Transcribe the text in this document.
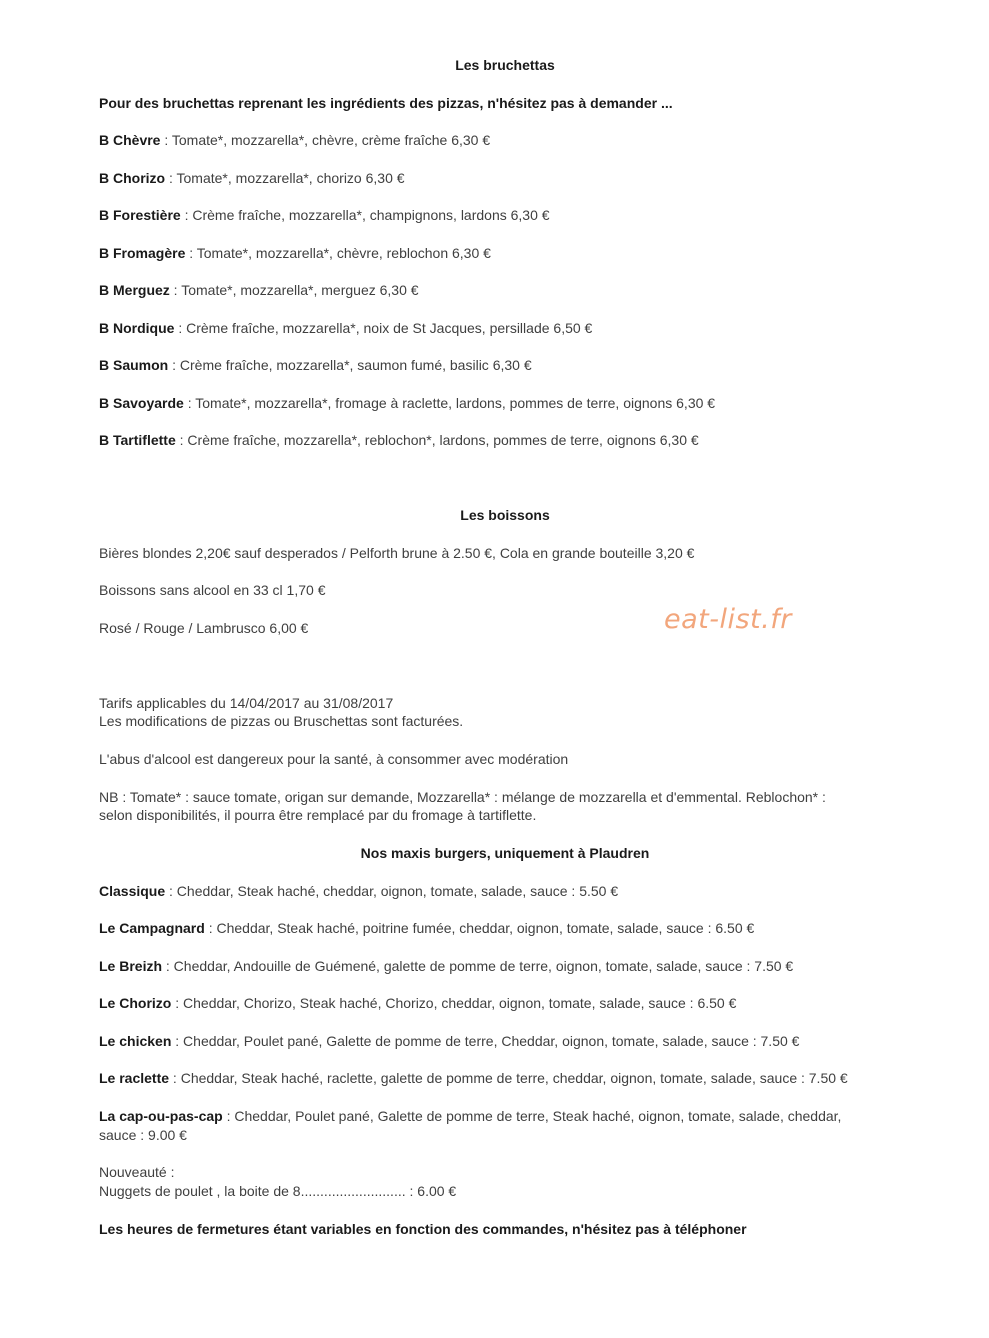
Les bruchettas
Pour des bruchettas reprenant les ingrédients des pizzas, n'hésitez pas à demander ...
B Chèvre : Tomate*, mozzarella*, chèvre, crème fraîche 6,30 €
B Chorizo : Tomate*, mozzarella*, chorizo 6,30 €
B Forestière : Crème fraîche, mozzarella*, champignons, lardons 6,30 €
B Fromagère : Tomate*, mozzarella*, chèvre, reblochon 6,30 €
B Merguez : Tomate*, mozzarella*, merguez 6,30 €
B Nordique : Crème fraîche, mozzarella*, noix de St Jacques, persillade 6,50 €
B Saumon : Crème fraîche, mozzarella*, saumon fumé, basilic 6,30 €
B Savoyarde : Tomate*, mozzarella*, fromage à raclette, lardons, pommes de terre, oignons 6,30 €
B Tartiflette : Crème fraîche, mozzarella*, reblochon*, lardons, pommes de terre, oignons 6,30 €
Les boissons
Bières blondes 2,20€ sauf desperados / Pelforth brune à 2.50 €, Cola en grande bouteille 3,20 €
Boissons sans alcool en 33 cl 1,70 €
Rosé / Rouge / Lambrusco 6,00 €	eat-list.fr
Tarifs applicables du 14/04/2017 au 31/08/2017
Les modifications de pizzas ou Bruschettas sont facturées.
L'abus d'alcool est dangereux pour la santé, à consommer avec modération
NB : Tomate* : sauce tomate, origan sur demande, Mozzarella* : mélange de mozzarella et d'emmental. Reblochon* :
selon disponibilités, il pourra être remplacé par du fromage à tartiflette.
Nos maxis burgers, uniquement à Plaudren
Classique : Cheddar, Steak haché, cheddar, oignon, tomate, salade, sauce : 5.50 €
Le Campagnard : Cheddar, Steak haché, poitrine fumée, cheddar, oignon, tomate, salade, sauce : 6.50 €
Le Breizh : Cheddar, Andouille de Guémené, galette de pomme de terre, oignon, tomate, salade, sauce : 7.50 €
Le Chorizo : Cheddar, Chorizo, Steak haché, Chorizo, cheddar, oignon, tomate, salade, sauce : 6.50 €
Le chicken : Cheddar, Poulet pané, Galette de pomme de terre, Cheddar, oignon, tomate, salade, sauce : 7.50 €
Le raclette : Cheddar, Steak haché, raclette, galette de pomme de terre, cheddar, oignon, tomate, salade, sauce : 7.50 €
La cap-ou-pas-cap : Cheddar, Poulet pané, Galette de pomme de terre, Steak haché, oignon, tomate, salade, cheddar,
sauce : 9.00 €
Nouveauté :
Nuggets de poulet , la boite de 8........................... : 6.00 €
Les heures de fermetures étant variables en fonction des commandes, n'hésitez pas à téléphoner
